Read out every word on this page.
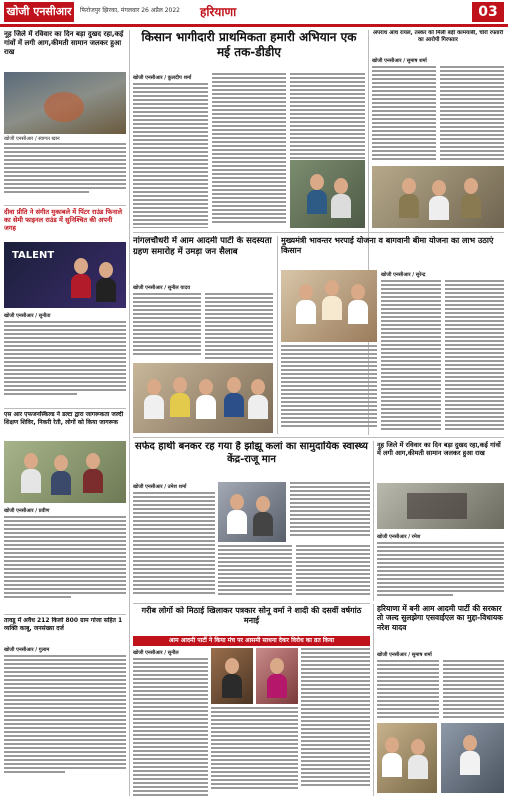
खोजी एनसीआर	फिरोजपुर झिरका, मंगलवार 26 अप्रैल 2022 हरियाणा	03
नूह जिले में रविवार का दिन बड़ा दुखद रहा,कई गांवों में लगी आग,कीमती सामान जलकर हुआ राख
खोजी एनसीआर / स्वागत खान
दीवा प्रीति ने संगीत मुकाबले में पिंटर राउंड फिनाले का सेमी फाइनल राउंड में सुनिश्चित की अपनी जगह
TALENT
खोजी एनसीआर / सुनीता
एस आर एफजनस्किल्ड ने डल्टा द्वारा जागरूकता जल्दी शिक्षण शिविर, निकरी रेती, लोगों को किया जागरूक
खोजी एनसीआर / प्रवीण
तावडू में अवैध 212 किलो 800 ग्राम गांजा सहित 1 व्यक्ति काबू, जनसंख्या दर्ज
खोजी एनसीआर / गुलाम
किसान भागीदारी प्राथमिकता हमारी अभियान एक मई तक-डीडीए
खोजी एनसीआर / कुलदीप शर्मा
अपराध आंध रायल, तस्कर को मिली बड़ी कामयाबी, चोरों रफ्तारी का आरोपी गिरफ्तार
खोजी एनसीआर / सुमाष शर्मा
नांगलचौधरी में आम आदमी पार्टी के सदस्यता ग्रहण समारोह में उमड़ा जन सैलाब
खोजी एनसीआर / सुनील यादव
मुख्यमंत्री भावन्तर भरपाई योजना व बागवानी बीमा योजना का लाभ उठाएं किसान
खोजी एनसीआर / सुरेन्द्र
सफेद हाथी बनकर रह गया है झोझू कलां का सामुदायिक स्वास्थ्य केंद्र-राजू मान
खोजी एनसीआर / उमेश शर्मा
नूह जिले में रविवार का दिन बड़ा दुखद रहा,कई गांवों में लगी आग,कीमती सामान जलकर हुआ राख
खोजी एनसीआर / रमेश
गरीब लोगों को मिठाई खिलाकर पत्रकार सोनू वर्मा ने शादी की दसवीं वर्षगांठ मनाई
आम आदमी पार्टी ने किया मंच पर आसमी साधना देकर विरोध का व्रत किया
खोजी एनसीआर / सुनील
हरियाणा में बनी आम आदमी पार्टी की सरकार तो जल्द सुलझेगा एसवाईएल का मुद्दा-विधायक नरेश यादव
खोजी एनसीआर / सुमाष शर्मा
